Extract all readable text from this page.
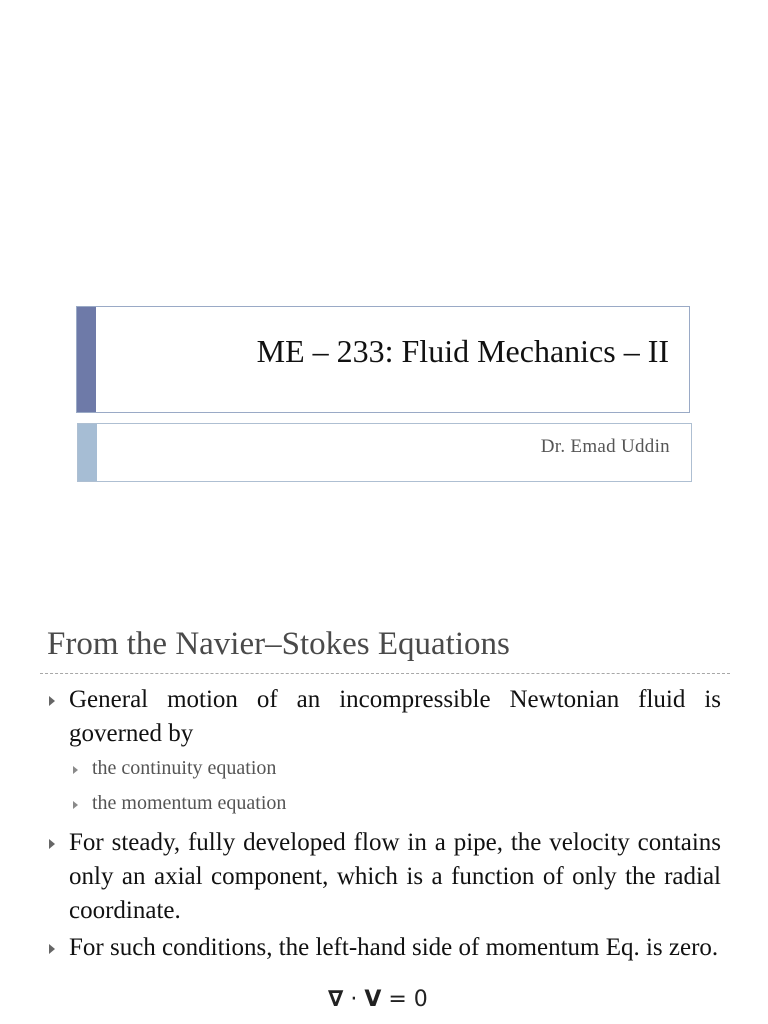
ME – 233: Fluid Mechanics – II
Dr. Emad Uddin
From the Navier–Stokes Equations
General motion of an incompressible Newtonian fluid is governed by
the continuity equation
the momentum equation
For steady, fully developed flow in a pipe, the velocity contains only an axial component, which is a function of only the radial coordinate.
For such conditions, the left-hand side of momentum Eq. is zero.
∇ · V = 0
